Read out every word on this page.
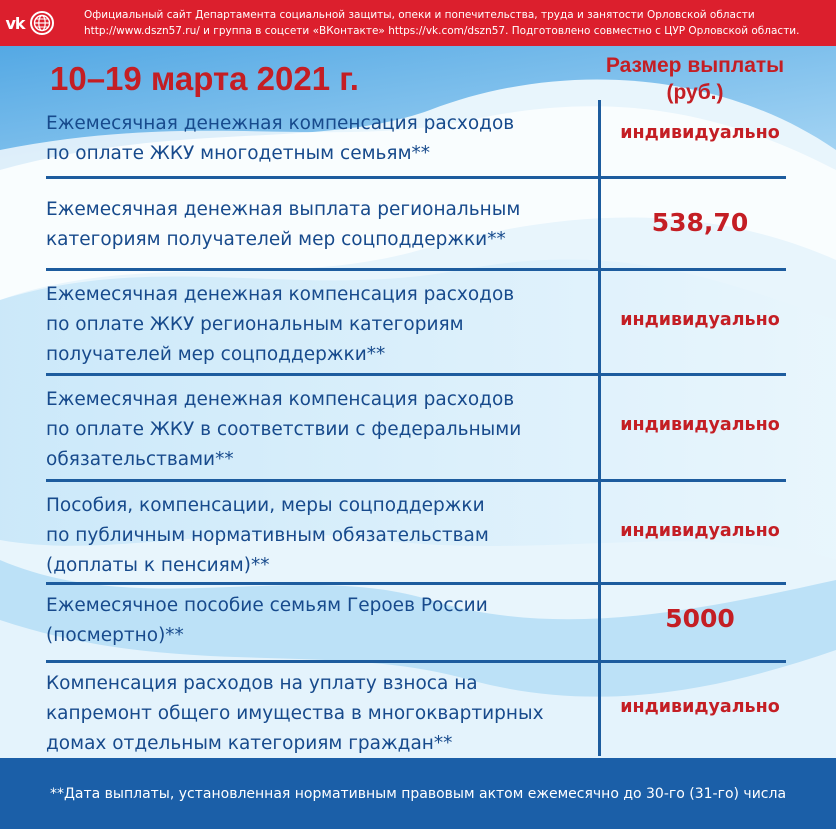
vk	Официальный сайт Департамента социальной защиты, опеки и попечительства, труда и занятости Орловской области
http://www.dszn57.ru/ и группа в соцсети «ВКонтакте» https://vk.com/dszn57. Подготовлено совместно с ЦУР Орловской области.
10–19 марта 2021 г.	Размер выплаты
(руб.)
Ежемесячная денежная компенсация расходов
по оплате ЖКУ многодетным семьям**
индивидуально
Ежемесячная денежная выплата региональным
категориям получателей мер соцподдержки**
538,70
Ежемесячная денежная компенсация расходов
по оплате ЖКУ региональным категориям
получателей мер соцподдержки**
индивидуально
Ежемесячная денежная компенсация расходов
по оплате ЖКУ в соответствии с федеральными
обязательствами**
индивидуально
Пособия, компенсации, меры соцподдержки
по публичным нормативным обязательствам
(доплаты к пенсиям)**
индивидуально
Ежемесячное пособие семьям Героев России
(посмертно)**
5000
Компенсация расходов на уплату взноса на
капремонт общего имущества в многоквартирных
домах отдельным категориям граждан**
индивидуально
**Дата выплаты, установленная нормативным правовым актом ежемесячно до 30-го (31-го) числа
